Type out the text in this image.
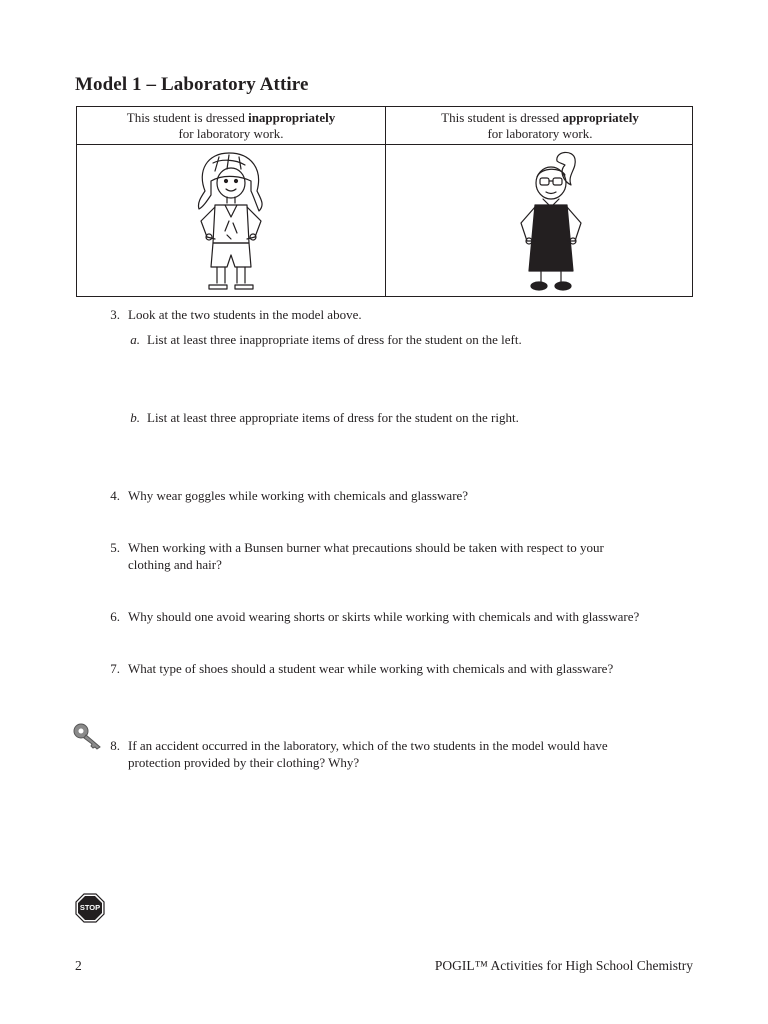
Model 1 – Laboratory Attire
This student is dressed inappropriately
for laboratory work.
This student is dressed appropriately
for laboratory work.
3. Look at the two students in the model above.
a. List at least three inappropriate items of dress for the student on the left.
b. List at least three appropriate items of dress for the student on the right.
4. Why wear goggles while working with chemicals and glassware?
5. When working with a Bunsen burner what precautions should be taken with respect to your
clothing and hair?
6. Why should one avoid wearing shorts or skirts while working with chemicals and with glassware?
7. What type of shoes should a student wear while working with chemicals and with glassware?
8. If an accident occurred in the laboratory, which of the two students in the model would have
protection provided by their clothing? Why?
STOP
2	POGIL™ Activities for High School Chemistry
